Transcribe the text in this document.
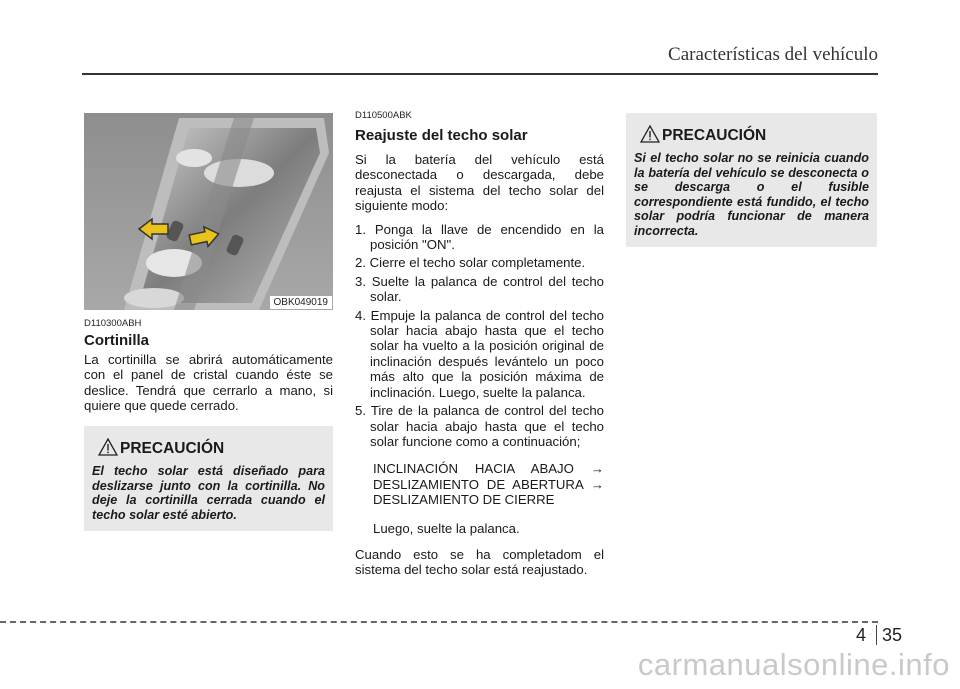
Características del vehículo
OBK049019
D110300ABH
Cortinilla
La cortinilla se abrirá automáticamente con el panel de cristal cuando éste se deslice. Tendrá que cerrarlo a mano, si quiere que quede cerrado.
PRECAUCIÓN
El techo solar está diseñado para deslizarse junto con la cortinilla. No deje la cortinilla cerrada cuando el techo solar esté abierto.
D110500ABK
Reajuste del techo solar
Si la batería del vehículo está desconectada o descargada, debe reajusta el sistema del techo solar del siguiente modo:
1. Ponga la llave de encendido en la posición "ON".
2. Cierre el techo solar completamente.
3. Suelte la palanca de control del techo solar.
4. Empuje la palanca de control del techo solar hacia abajo hasta que el techo solar ha vuelto a la posición original de inclinación después levántelo un poco más alto que la posición máxima de inclinación. Luego, suelte la palanca.
5. Tire de la palanca de control del techo solar hacia abajo hasta que el techo solar funcione como a continuación;
INCLINACIÓN HACIA ABAJO → DESLIZAMIENTO DE ABERTURA → DESLIZAMIENTO DE CIERRE
Luego, suelte la palanca.
Cuando esto se ha completadom el sistema del techo solar está reajustado.
PRECAUCIÓN
Si el techo solar no se reinicia cuando la batería del vehículo se desconecta o se descarga o el fusible correspondiente está fundido, el techo solar podría funcionar de manera incorrecta.
4 35
carmanualsonline.info
